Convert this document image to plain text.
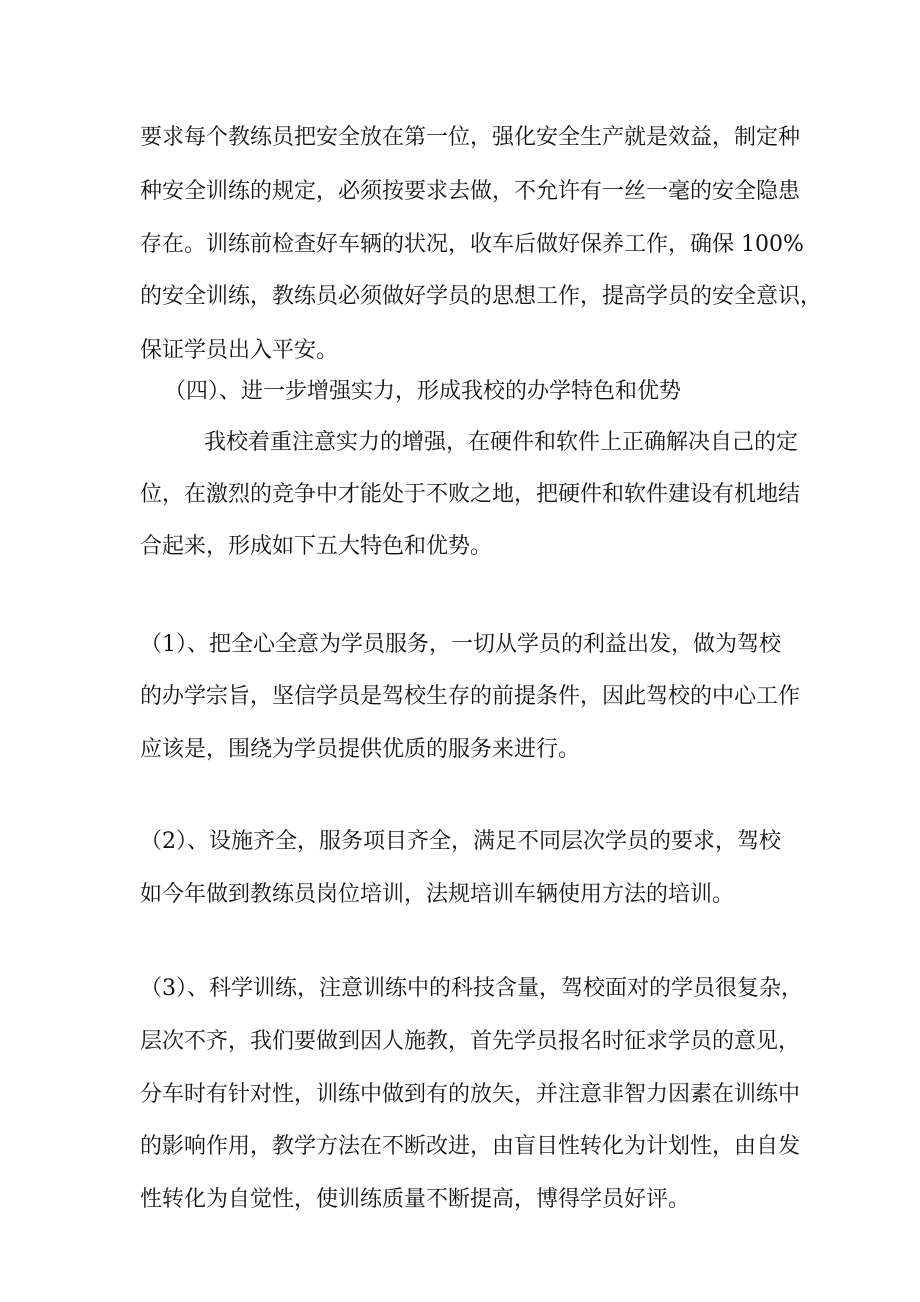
要求每个教练员把安全放在第一位，强化安全生产就是效益，制定种
种安全训练的规定，必须按要求去做，不允许有一丝一毫的安全隐患
存在。训练前检查好车辆的状况，收车后做好保养工作，确保 100%
的安全训练，教练员必须做好学员的思想工作，提高学员的安全意识，
保证学员出入平安。
（四）、进一步增强实力，形成我校的办学特色和优势
我校着重注意实力的增强，在硬件和软件上正确解决自己的定
位，在激烈的竞争中才能处于不败之地，把硬件和软件建设有机地结
合起来，形成如下五大特色和优势。
（1）、把全心全意为学员服务，一切从学员的利益出发，做为驾校
的办学宗旨，坚信学员是驾校生存的前提条件，因此驾校的中心工作
应该是，围绕为学员提供优质的服务来进行。
（2）、设施齐全，服务项目齐全，满足不同层次学员的要求，驾校
如今年做到教练员岗位培训，法规培训车辆使用方法的培训。
（3）、科学训练，注意训练中的科技含量，驾校面对的学员很复杂，
层次不齐，我们要做到因人施教，首先学员报名时征求学员的意见，
分车时有针对性，训练中做到有的放矢，并注意非智力因素在训练中
的影响作用，教学方法在不断改进，由盲目性转化为计划性，由自发
性转化为自觉性，使训练质量不断提高，博得学员好评。
